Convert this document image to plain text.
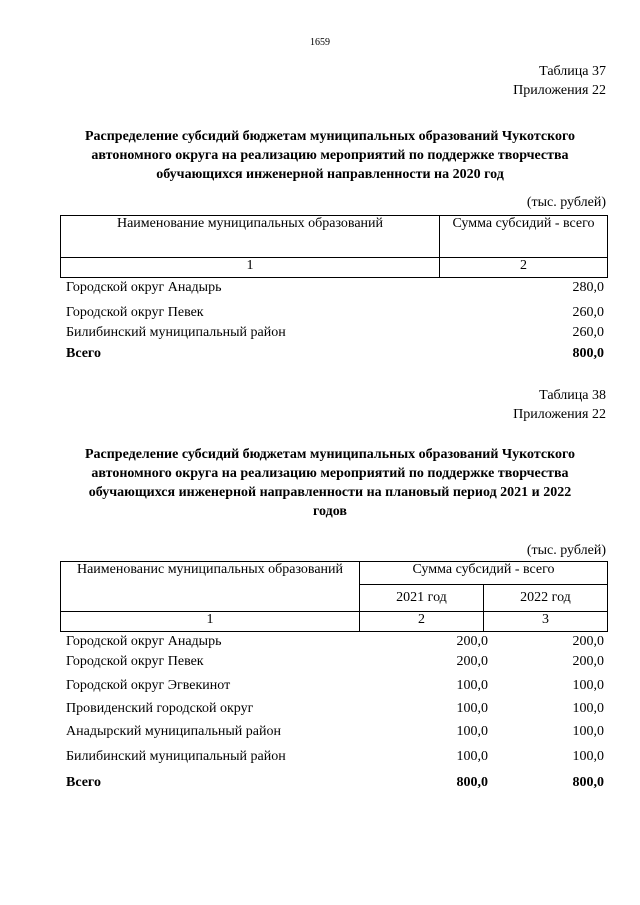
1659
Таблица 37
Приложения 22
Распределение субсидий бюджетам муниципальных образований Чукотского
автономного округа на реализацию мероприятий по поддержке творчества
обучающихся инженерной направленности на 2020 год
(тыс. рублей)
Наименование муниципальных образований	Сумма субсидий - всего
1	2
Городской округ Анадырь	280,0
Городской округ Певек	260,0
Билибинский муниципальный район	260,0
Всего	800,0
Таблица 38
Приложения 22
Распределение субсидий бюджетам муниципальных образований Чукотского
автономного округа на реализацию мероприятий по поддержке творчества
обучающихся инженерной направленности на плановый период 2021 и 2022
годов
(тыс. рублей)
Наименованис муниципальных образований	Сумма субсидий - всего	
	2021 год	2022 год
1	2	3
Городской округ Анадырь	200,0	200,0
Городской округ Певек	200,0	200,0
Городской округ Эгвекинот	100,0	100,0
Провиденский городской округ	100,0	100,0
Анадырский муниципальный район	100,0	100,0
Билибинский муниципальный район	100,0	100,0
Всего	800,0	800,0
